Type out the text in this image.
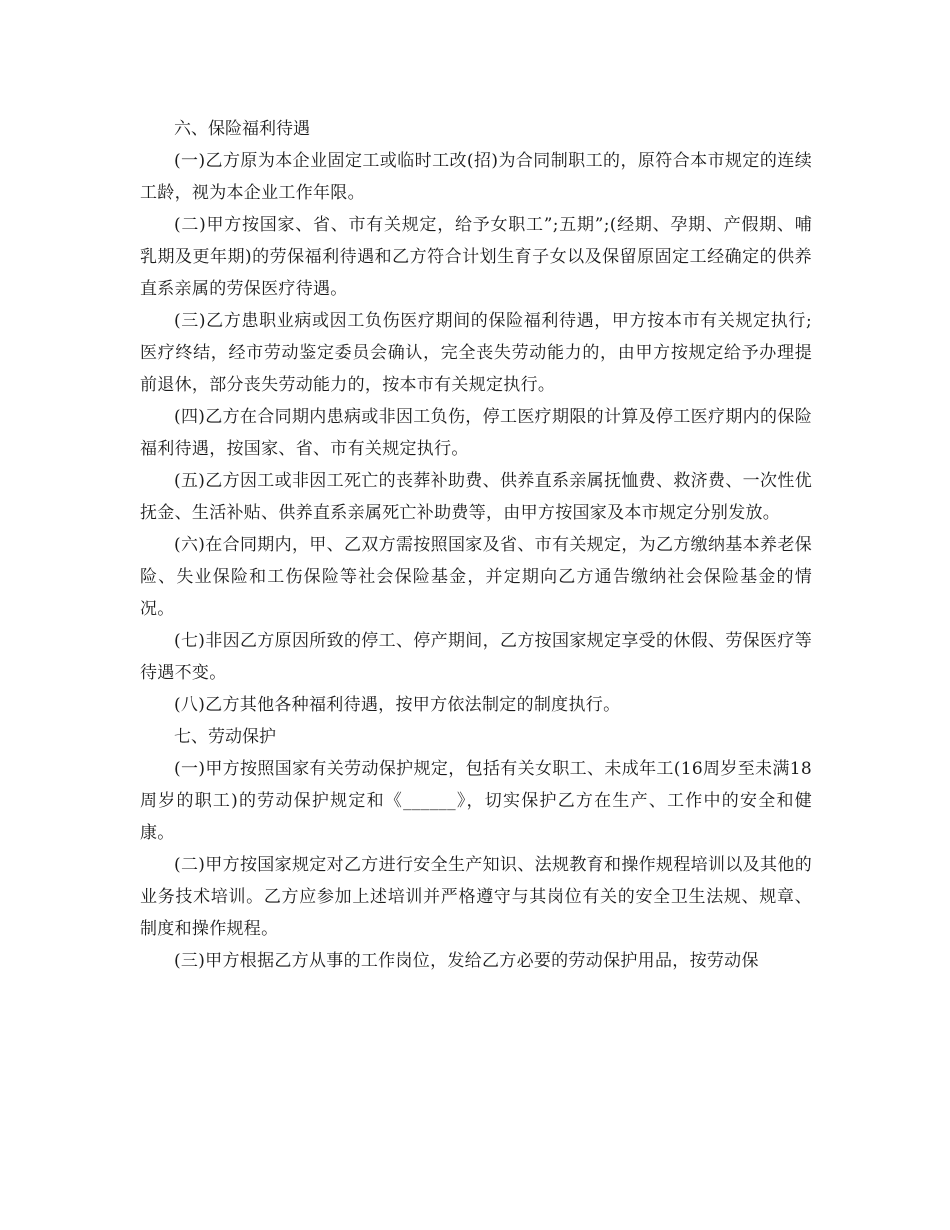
六、保险福利待遇

(一)乙方原为本企业固定工或临时工改(招)为合同制职工的，原符合本市规定的连续工龄，视为本企业工作年限。

(二)甲方按国家、省、市有关规定，给予女职工”;五期”;(经期、孕期、产假期、哺乳期及更年期)的劳保福利待遇和乙方符合计划生育子女以及保留原固定工经确定的供养直系亲属的劳保医疗待遇。

(三)乙方患职业病或因工负伤医疗期间的保险福利待遇，甲方按本市有关规定执行;医疗终结，经市劳动鉴定委员会确认，完全丧失劳动能力的，由甲方按规定给予办理提前退休，部分丧失劳动能力的，按本市有关规定执行。

(四)乙方在合同期内患病或非因工负伤，停工医疗期限的计算及停工医疗期内的保险福利待遇，按国家、省、市有关规定执行。

(五)乙方因工或非因工死亡的丧葬补助费、供养直系亲属抚恤费、救济费、一次性优抚金、生活补贴、供养直系亲属死亡补助费等，由甲方按国家及本市规定分别发放。

(六)在合同期内，甲、乙双方需按照国家及省、市有关规定，为乙方缴纳基本养老保险、失业保险和工伤保险等社会保险基金，并定期向乙方通告缴纳社会保险基金的情况。

(七)非因乙方原因所致的停工、停产期间，乙方按国家规定享受的休假、劳保医疗等待遇不变。

(八)乙方其他各种福利待遇，按甲方依法制定的制度执行。

七、劳动保护

(一)甲方按照国家有关劳动保护规定，包括有关女职工、未成年工(16周岁至未满18周岁的职工)的劳动保护规定和《______》，切实保护乙方在生产、工作中的安全和健康。

(二)甲方按国家规定对乙方进行安全生产知识、法规教育和操作规程培训以及其他的业务技术培训。乙方应参加上述培训并严格遵守与其岗位有关的安全卫生法规、规章、制度和操作规程。

(三)甲方根据乙方从事的工作岗位，发给乙方必要的劳动保护用品，按劳动保
